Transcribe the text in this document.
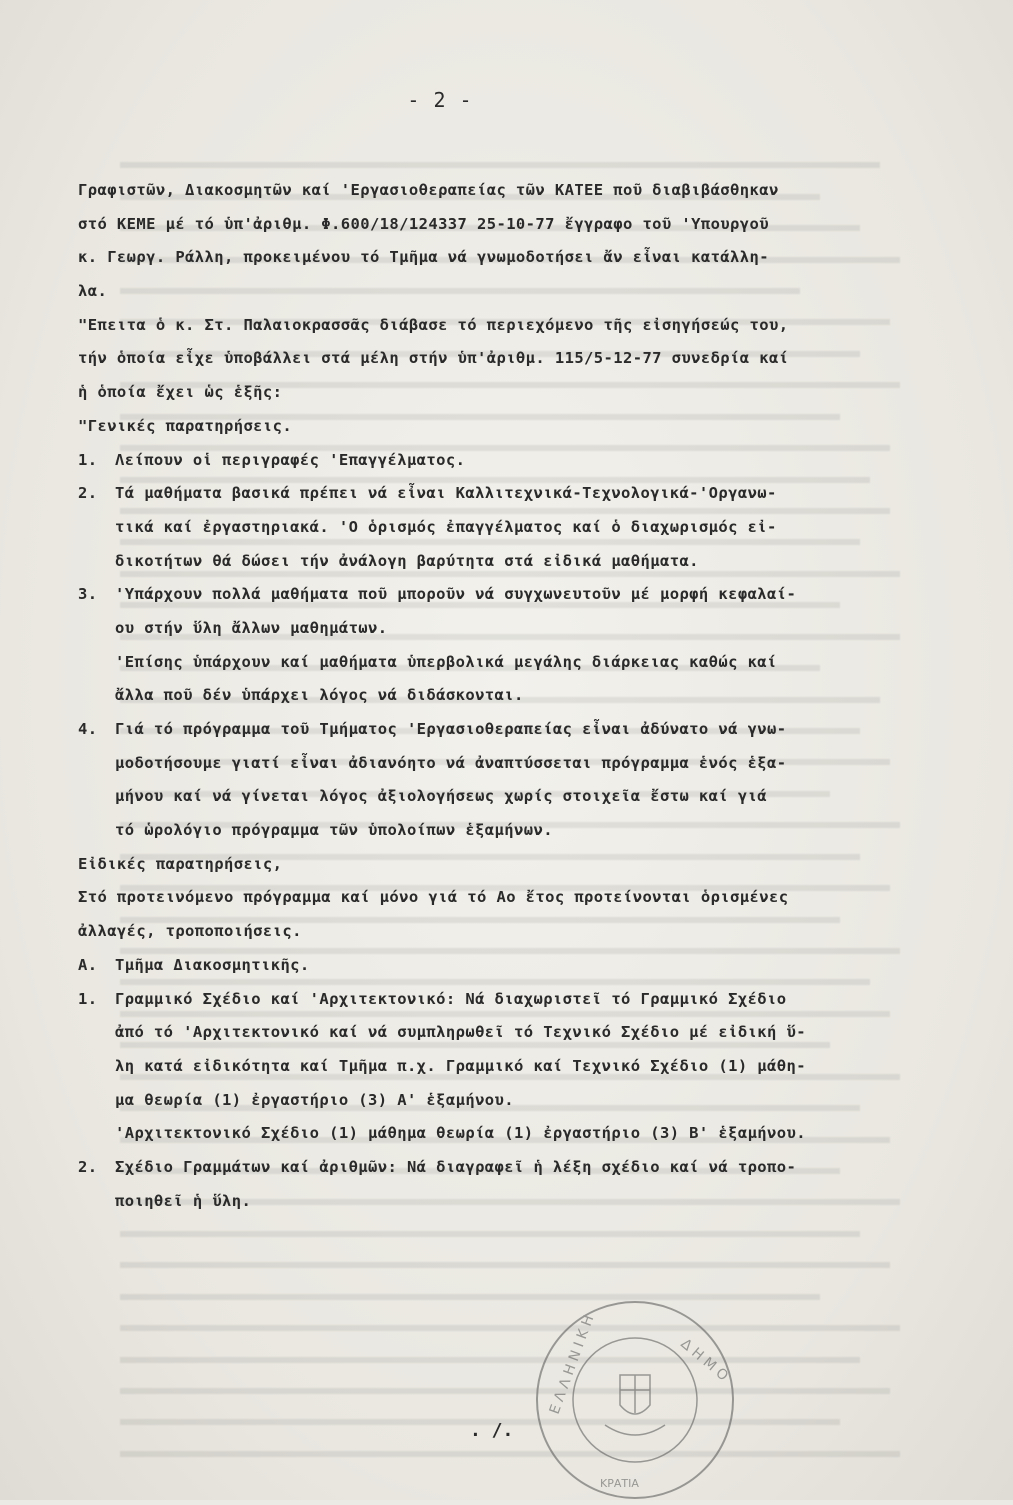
- 2 -
Γραφιστῶν, Διακοσμητῶν καί 'Εργασιοθεραπείας τῶν ΚΑΤΕΕ ποῦ διαβιβάσθηκαν
στό ΚΕΜΕ μέ τό ὑπ'ἀριθμ. Φ.600/18/124337 25-10-77 ἔγγραφο τοῦ 'Υπουργοῦ
κ. Γεωργ. Ράλλη, προκειμένου τό Τμῆμα νά γνωμοδοτήσει ἄν εἶναι κατάλλη-
λα.
"Επειτα ὁ κ. Στ. Παλαιοκρασσᾶς διάβασε τό περιεχόμενο τῆς εἰσηγήσεώς του,
τήν ὁποία εἶχε ὑποβάλλει στά μέλη στήν ὑπ'ἀριθμ. 115/5-12-77 συνεδρία καί
ἡ ὁποία ἔχει ὡς ἑξῆς:
"Γενικές παρατηρήσεις.
1. Λείπουν οἱ περιγραφές 'Επαγγέλματος.
2. Τά μαθήματα βασικά πρέπει νά εἶναι Καλλιτεχνικά-Τεχνολογικά-'Οργανω-
τικά καί ἐργαστηριακά. 'Ο ὁρισμός ἐπαγγέλματος καί ὁ διαχωρισμός εἰ-
δικοτήτων θά δώσει τήν ἀνάλογη βαρύτητα στά εἰδικά μαθήματα.
3. 'Υπάρχουν πολλά μαθήματα ποῦ μποροῦν νά συγχωνευτοῦν μέ μορφή κεφαλαί-
ου στήν ὕλη ἄλλων μαθημάτων.
'Επίσης ὑπάρχουν καί μαθήματα ὑπερβολικά μεγάλης διάρκειας καθώς καί
ἄλλα ποῦ δέν ὑπάρχει λόγος νά διδάσκονται.
4. Γιά τό πρόγραμμα τοῦ Τμήματος 'Εργασιοθεραπείας εἶναι ἀδύνατο νά γνω-
μοδοτήσουμε γιατί εἶναι ἀδιανόητο νά ἀναπτύσσεται πρόγραμμα ἑνός ἑξα-
μήνου καί νά γίνεται λόγος ἀξιολογήσεως χωρίς στοιχεῖα ἔστω καί γιά
τό ὡρολόγιο πρόγραμμα τῶν ὑπολοίπων ἑξαμήνων.
Εἰδικές παρατηρήσεις,
Στό προτεινόμενο πρόγραμμα καί μόνο γιά τό Αο ἔτος προτείνονται ὁρισμένες
ἀλλαγές, τροποποιήσεις.
Α. Τμῆμα Διακοσμητικῆς.
1. Γραμμικό Σχέδιο καί 'Αρχιτεκτονικό: Νά διαχωριστεῖ τό Γραμμικό Σχέδιο
ἀπό τό 'Αρχιτεκτονικό καί νά συμπληρωθεῖ τό Τεχνικό Σχέδιο μέ εἰδική ὕ-
λη κατά εἰδικότητα καί Τμῆμα π.χ. Γραμμικό καί Τεχνικό Σχέδιο (1) μάθη-
μα θεωρία (1) ἐργαστήριο (3) Α' ἑξαμήνου.
'Αρχιτεκτονικό Σχέδιο (1) μάθημα θεωρία (1) ἐργαστήριο (3) Β' ἑξαμήνου.
2. Σχέδιο Γραμμάτων καί ἀριθμῶν: Νά διαγραφεῖ ἡ λέξη σχέδιο καί νά τροπο-
ποιηθεῖ ἡ ὕλη.
. /.
Ε Λ Λ Η Ν Ι Κ Η	Δ Η Μ Ο
ΚΡΑΤΙΑ
